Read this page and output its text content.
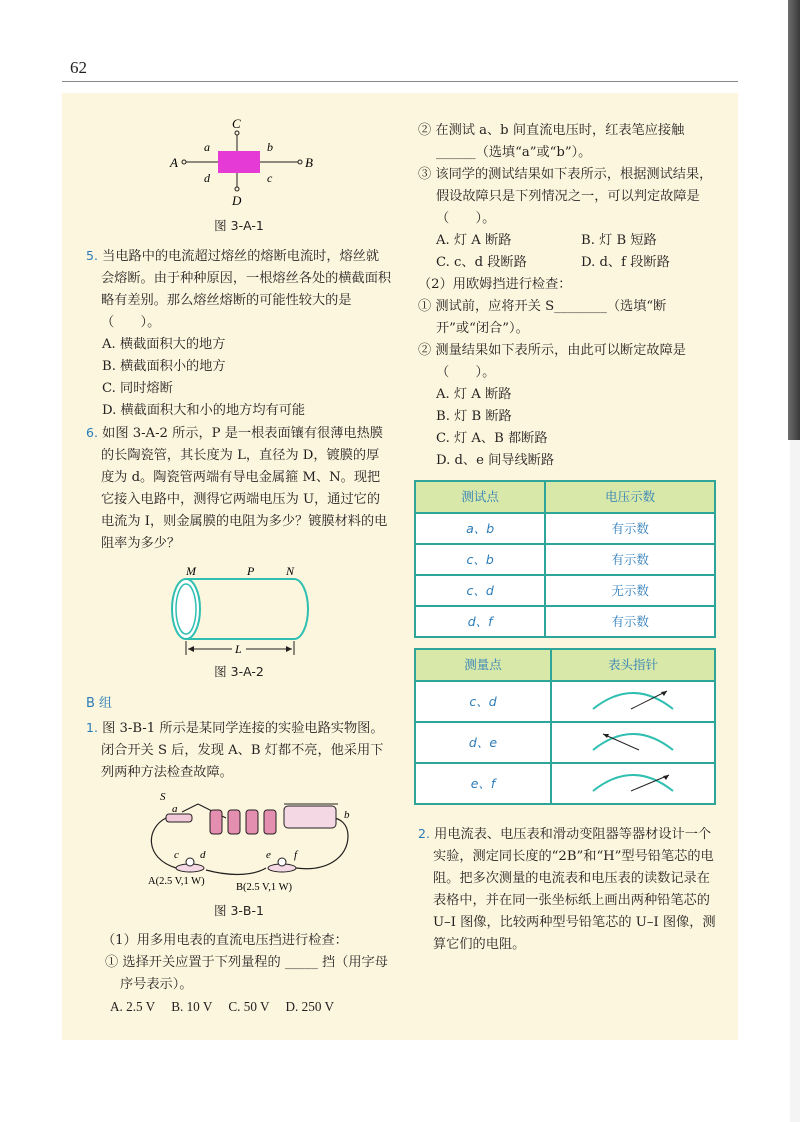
62
A	B
C
D
a	b
c
d
图 3-A-1

5. 当电路中的电流超过熔丝的熔断电流时，熔丝就会熔断。由于种种原因，一根熔丝各处的横截面积略有差别。那么熔丝熔断的可能性较大的是（　　）。

A. 横截面积大的地方

B. 横截面积小的地方

C. 同时熔断

D. 横截面积大和小的地方均有可能

6. 如图 3-A-2 所示，P 是一根表面镶有很薄电热膜的长陶瓷管，其长度为 L，直径为 D，镀膜的厚度为 d。陶瓷管两端有导电金属箍 M、N。现把它接入电路中，测得它两端电压为 U，通过它的电流为 I，则金属膜的电阻为多少？镀膜材料的电阻率为多少？

M	P	N
L
图 3-A-2
B 组

1. 图 3-B-1 所示是某同学连接的实验电路实物图。闭合开关 S 后，发现 A、B 灯都不亮，他采用下列两种方法检查故障。

S
a	b
c d	e f
A(2.5 V,1 W)
B(2.5 V,1 W)
图 3-B-1

（1）用多用电表的直流电压挡进行检查：

① 选择开关应置于下列量程的 _____ 挡（用字母序号表示）。

A. 2.5 V B. 10 V C. 50 V D. 250 V

② 在测试 a、b 间直流电压时，红表笔应接触 ______（选填“a”或“b”）。

③ 该同学的测试结果如下表所示，根据测试结果，假设故障只是下列情况之一，可以判定故障是（　　）。

A. 灯 A 断路	B. 灯 B 短路
C. c、d 段断路	D. d、f 段断路

（2）用欧姆挡进行检查：

① 测试前，应将开关 S________（选填“断开”或“闭合”）。

② 测量结果如下表所示，由此可以断定故障是（　　）。

A. 灯 A 断路

B. 灯 B 断路

C. 灯 A、B 都断路

D. d、e 间导线断路

测试点	电压示数
a、b	有示数
c、b	有示数
c、d	无示数
d、f	有示数
测量点	表头指针
c、d	
d、e	
e、f	

2. 用电流表、电压表和滑动变阻器等器材设计一个实验，测定同长度的“2B”和“H”型号铅笔芯的电阻。把多次测量的电流表和电压表的读数记录在表格中，并在同一张坐标纸上画出两种铅笔芯的 U–I 图像，比较两种型号铅笔芯的 U–I 图像，测算它们的电阻。
